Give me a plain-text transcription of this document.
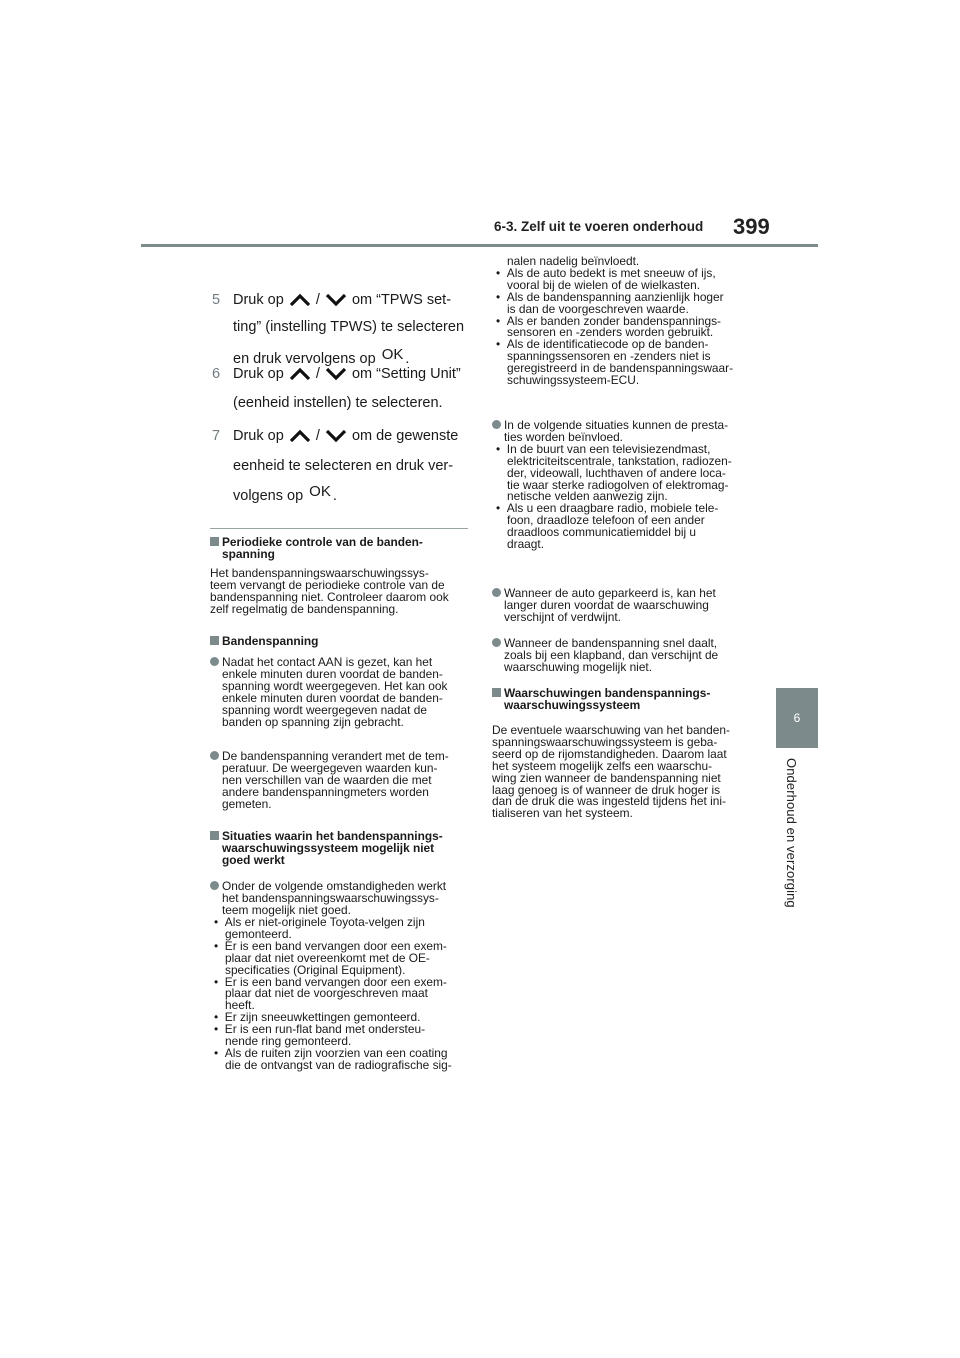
6-3. Zelf uit te voeren onderhoud 399
6
Onderhoud en verzorging
5 Druk op / om “TPWS set-
ting” (instelling TPWS) te selecteren
en druk vervolgens op OK .
6 Druk op / om “Setting Unit”
(eenheid instellen) te selecteren.
7 Druk op / om de gewenste
eenheid te selecteren en druk ver-
volgens op OK .

Periodieke controle van de banden-

spanning

Het bandenspanningswaarschuwingssys-

teem vervangt de periodieke controle van de

bandenspanning niet. Controleer daarom ook

zelf regelmatig de bandenspanning.

Bandenspanning

Nadat het contact AAN is gezet, kan het

enkele minuten duren voordat de banden-

spanning wordt weergegeven. Het kan ook

enkele minuten duren voordat de banden-

spanning wordt weergegeven nadat de

banden op spanning zijn gebracht.

De bandenspanning verandert met de tem-

peratuur. De weergegeven waarden kun-

nen verschillen van de waarden die met

andere bandenspanningmeters worden

gemeten.

Situaties waarin het bandenspannings-

waarschuwingssysteem mogelijk niet

goed werkt

Onder de volgende omstandigheden werkt

het bandenspanningswaarschuwingssys-

teem mogelijk niet goed.

•  Als er niet-originele Toyota-velgen zijn

gemonteerd.

•  Er is een band vervangen door een exem-

plaar dat niet overeenkomt met de OE-

specificaties (Original Equipment).

•  Er is een band vervangen door een exem-

plaar dat niet de voorgeschreven maat

heeft.

•  Er zijn sneeuwkettingen gemonteerd.

•  Er is een run-flat band met ondersteu-

nende ring gemonteerd.

•  Als de ruiten zijn voorzien van een coating

die de ontvangst van de radiografische sig-

nalen nadelig beïnvloedt.

•  Als de auto bedekt is met sneeuw of ijs,

vooral bij de wielen of de wielkasten.

•  Als de bandenspanning aanzienlijk hoger

is dan de voorgeschreven waarde.

•  Als er banden zonder bandenspannings-

sensoren en -zenders worden gebruikt.

•  Als de identificatiecode op de banden-

spanningssensoren en -zenders niet is

geregistreerd in de bandenspanningswaar-

schuwingssysteem-ECU.

In de volgende situaties kunnen de presta-

ties worden beïnvloed.

•  In de buurt van een televisiezendmast,

elektriciteitscentrale, tankstation, radiozen-

der, videowall, luchthaven of andere loca-

tie waar sterke radiogolven of elektromag-

netische velden aanwezig zijn.

•  Als u een draagbare radio, mobiele tele-

foon, draadloze telefoon of een ander

draadloos communicatiemiddel bij u

draagt.

Wanneer de auto geparkeerd is, kan het

langer duren voordat de waarschuwing

verschijnt of verdwijnt.

Wanneer de bandenspanning snel daalt,

zoals bij een klapband, dan verschijnt de

waarschuwing mogelijk niet.

Waarschuwingen bandenspannings-

waarschuwingssysteem

De eventuele waarschuwing van het banden-

spanningswaarschuwingssysteem is geba-

seerd op de rijomstandigheden. Daarom laat

het systeem mogelijk zelfs een waarschu-

wing zien wanneer de bandenspanning niet

laag genoeg is of wanneer de druk hoger is

dan de druk die was ingesteld tijdens het ini-

tialiseren van het systeem.
